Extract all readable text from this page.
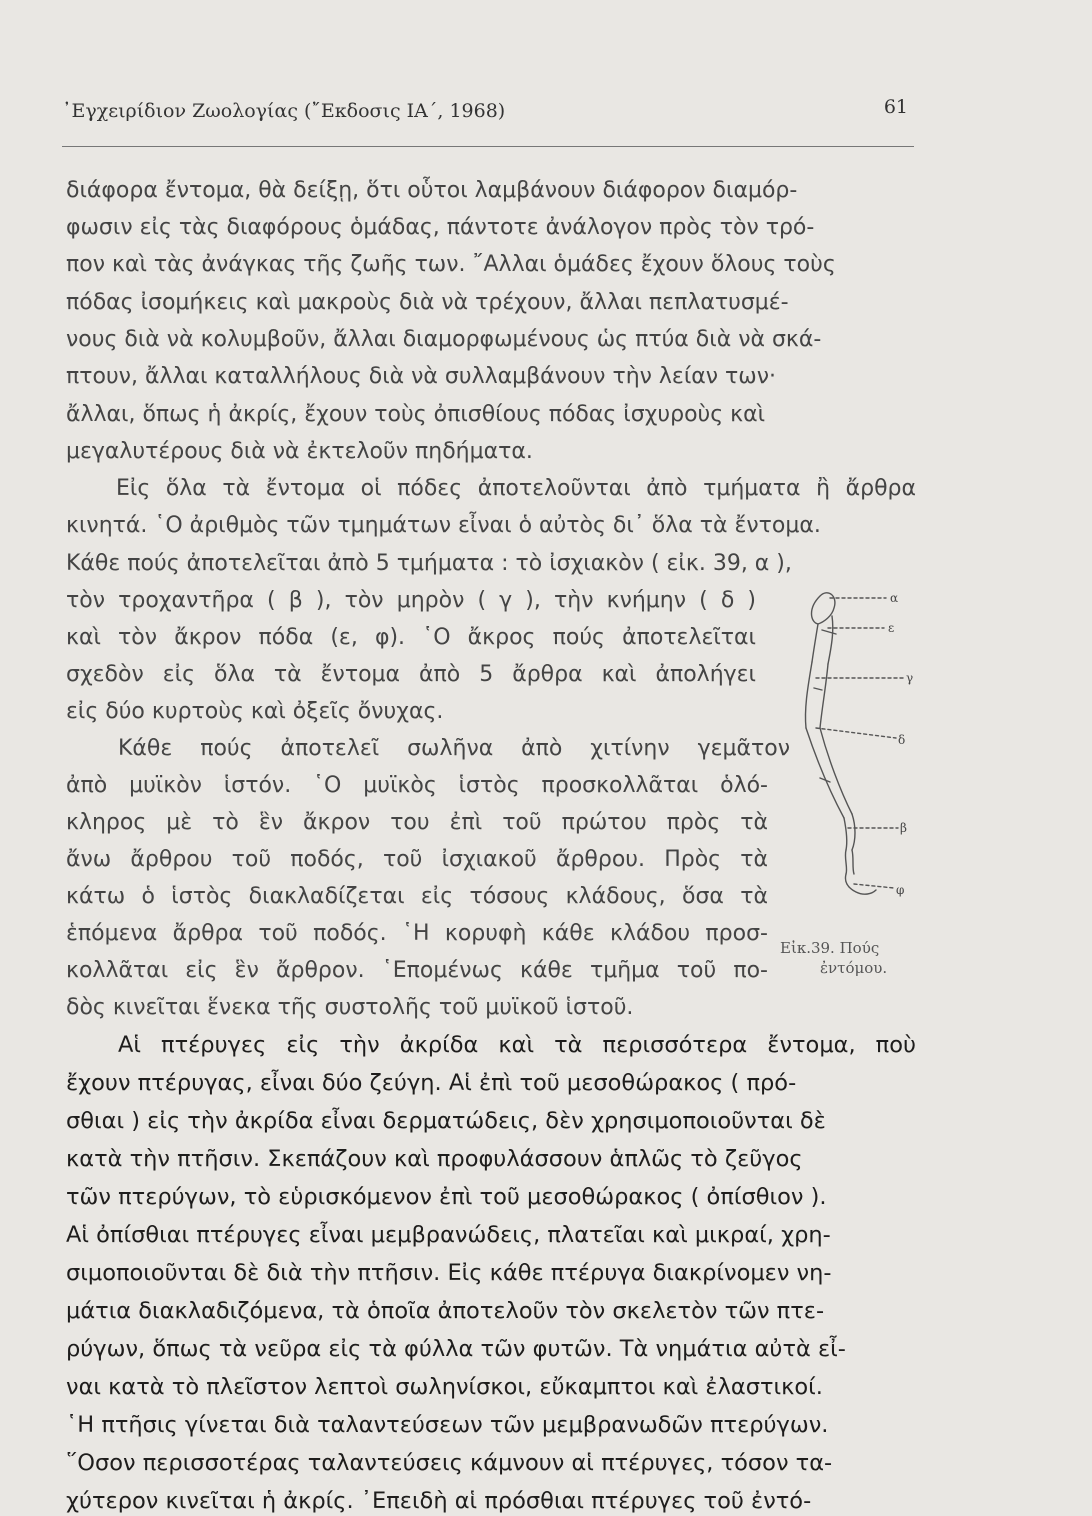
᾽Εγχειρίδιον Ζωολογίας (῎Εκδοσις ΙΑ΄, 1968)	61
διάφορα ἔντομα, θὰ δείξῃ, ὅτι οὗτοι λαμβάνουν διάφορον διαμόρ-
φωσιν εἰς τὰς διαφόρους ὁμάδας, πάντοτε ἀνάλογον πρὸς τὸν τρό-
πον καὶ τὰς ἀνάγκας τῆς ζωῆς των. ῎Αλλαι ὁμάδες ἔχουν ὅλους τοὺς
πόδας ἰσομήκεις καὶ μακροὺς διὰ νὰ τρέχουν, ἄλλαι πεπλατυσμέ-
νους διὰ νὰ κολυμβοῦν, ἄλλαι διαμορφωμένους ὡς πτύα διὰ νὰ σκά-
πτουν, ἄλλαι καταλλήλους διὰ νὰ συλλαμβάνουν τὴν λείαν των·
ἄλλαι, ὅπως ἡ ἀκρίς, ἔχουν τοὺς ὀπισθίους πόδας ἰσχυροὺς καὶ
μεγαλυτέρους διὰ νὰ ἐκτελοῦν πηδήματα.
Εἰς ὅλα τὰ ἔντομα οἱ πόδες ἀποτελοῦνται ἀπὸ τμήματα ἢ ἄρθρα
κινητά. ῾Ο ἀριθμὸς τῶν τμημάτων εἶναι ὁ αὐτὸς δι᾽ ὅλα τὰ ἔντομα.
Κάθε πούς ἀποτελεῖται ἀπὸ 5 τμήματα : τὸ ἰσχιακὸν ( εἰκ. 39, α ),
τὸν τροχαντῆρα ( β ), τὸν μηρὸν ( γ ), τὴν κνήμην ( δ )
καὶ τὸν ἄκρον πόδα (ε, φ). ῾Ο ἄκρος πούς ἀποτελεῖται
σχεδὸν εἰς ὅλα τὰ ἔντομα ἀπὸ 5 ἄρθρα καὶ ἀπολήγει
εἰς δύο κυρτοὺς καὶ ὀξεῖς ὄνυχας.
Κάθε πούς ἀποτελεῖ σωλῆνα ἀπὸ χιτίνην γεμᾶτον
ἀπὸ μυϊκὸν ἱστόν. ῾Ο μυϊκὸς ἱστὸς προσκολλᾶται ὁλό-
κληρος μὲ τὸ ἓν ἄκρον του ἐπὶ τοῦ πρώτου πρὸς τὰ
ἄνω ἄρθρου τοῦ ποδός, τοῦ ἰσχιακοῦ ἄρθρου. Πρὸς τὰ
κάτω ὁ ἱστὸς διακλαδίζεται εἰς τόσους κλάδους, ὅσα τὰ
ἑπόμενα ἄρθρα τοῦ ποδός. ῾Η κορυφὴ κάθε κλάδου προσ-
κολλᾶται εἰς ἓν ἄρθρον. ῾Επομένως κάθε τμῆμα τοῦ πο-
δὸς κινεῖται ἕνεκα τῆς συστολῆς τοῦ μυϊκοῦ ἱστοῦ.
Αἱ πτέρυγες εἰς τὴν ἀκρίδα καὶ τὰ περισσότερα ἔντομα, ποὺ
ἔχουν πτέρυγας, εἶναι δύο ζεύγη. Αἱ ἐπὶ τοῦ μεσοθώρακος ( πρό-
σθιαι ) εἰς τὴν ἀκρίδα εἶναι δερματώδεις, δὲν χρησιμοποιοῦνται δὲ
κατὰ τὴν πτῆσιν. Σκεπάζουν καὶ προφυλάσσουν ἁπλῶς τὸ ζεῦγος
τῶν πτερύγων, τὸ εὑρισκόμενον ἐπὶ τοῦ μεσοθώρακος ( ὀπίσθιον ).
Αἱ ὀπίσθιαι πτέρυγες εἶναι μεμβρανώδεις, πλατεῖαι καὶ μικραί, χρη-
σιμοποιοῦνται δὲ διὰ τὴν πτῆσιν. Εἰς κάθε πτέρυγα διακρίνομεν νη-
μάτια διακλαδιζόμενα, τὰ ὁποῖα ἀποτελοῦν τὸν σκελετὸν τῶν πτε-
ρύγων, ὅπως τὰ νεῦρα εἰς τὰ φύλλα τῶν φυτῶν. Τὰ νημάτια αὐτὰ εἶ-
ναι κατὰ τὸ πλεῖστον λεπτοὶ σωληνίσκοι, εὔκαμπτοι καὶ ἐλαστικοί.
῾Η πτῆσις γίνεται διὰ ταλαντεύσεων τῶν μεμβρανωδῶν πτερύγων.
῞Οσον περισσοτέρας ταλαντεύσεις κάμνουν αἱ πτέρυγες, τόσον τα-
χύτερον κινεῖται ἡ ἀκρίς. ᾽Επειδὴ αἱ πρόσθιαι πτέρυγες τοῦ ἐντό-
α
ε
γ
δ
β
φ
Εἰκ.39. Πούς
ἐντόμου.
